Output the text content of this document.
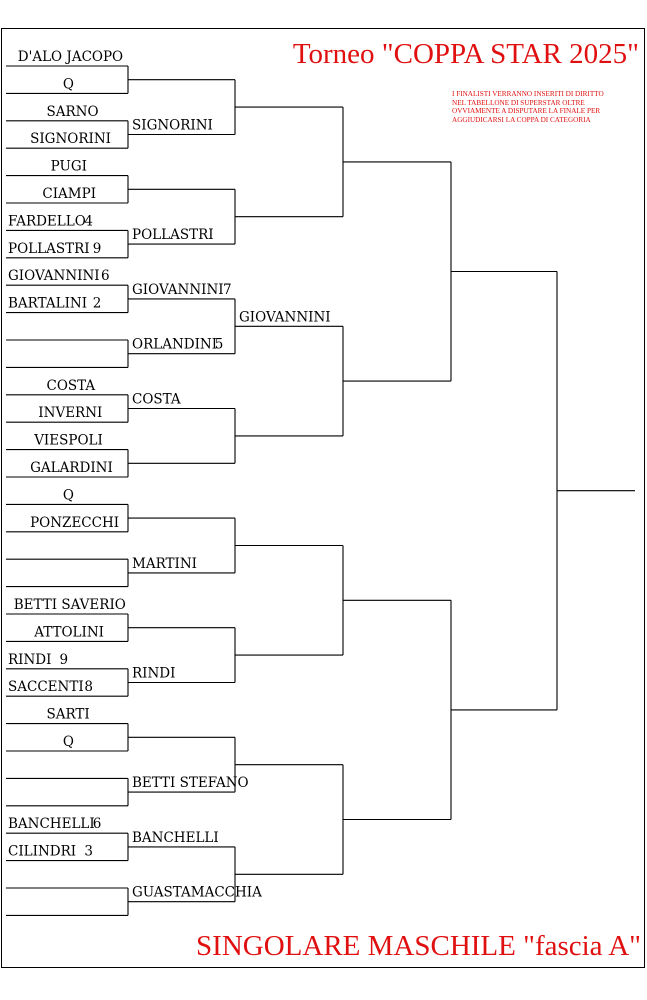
D'ALO JACOPO
Q
SARNO
SIGNORINI
PUGI
CIAMPI
FARDELLO
4
POLLASTRI 9
GIOVANNINI 6
BARTALINI 2
COSTA
INVERNI
VIESPOLI
GALARDINI
Q
PONZECCHI
BETTI SAVERIO
ATTOLINI
RINDI 9
SACCENTI 8
SARTI
Q
BANCHELLI
6
CILINDRI 3
SIGNORINI
POLLASTRI
GIOVANNINI 7
ORLANDINI
5
COSTA
MARTINI
RINDI
BETTI STEFANO
BANCHELLI
GUASTAMACCHIA
GIOVANNINI
Torneo "COPPA STAR 2025"
SINGOLARE MASCHILE "fascia A"
I FINALISTI VERRANNO INSERITI DI DIRITTO
NEL TABELLONE DI SUPERSTAR OLTRE
OVVIAMENTE A DISPUTARE LA FINALE PER
AGGIUDICARSI LA COPPA DI CATEGORIA
